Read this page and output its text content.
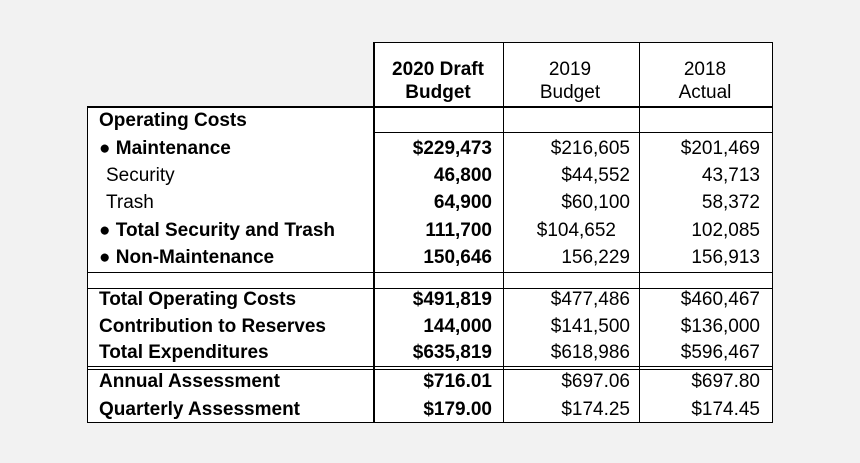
2020 Draft
Budget
2019
Budget
2018
Actual
Operating Costs
● Maintenance
Security
Trash
● Total Security and Trash
● Non-Maintenance
Total Operating Costs
Contribution to Reserves
Total Expenditures
Annual Assessment
Quarterly Assessment
$229,473
46,800
64,900
111,700
150,646
$491,819
144,000
$635,819
$716.01
$179.00
$216,605
$44,552
$60,100
$104,652
156,229
$477,486
$141,500
$618,986
$697.06
$174.25
$201,469
43,713
58,372
102,085
156,913
$460,467
$136,000
$596,467
$697.80
$174.45
